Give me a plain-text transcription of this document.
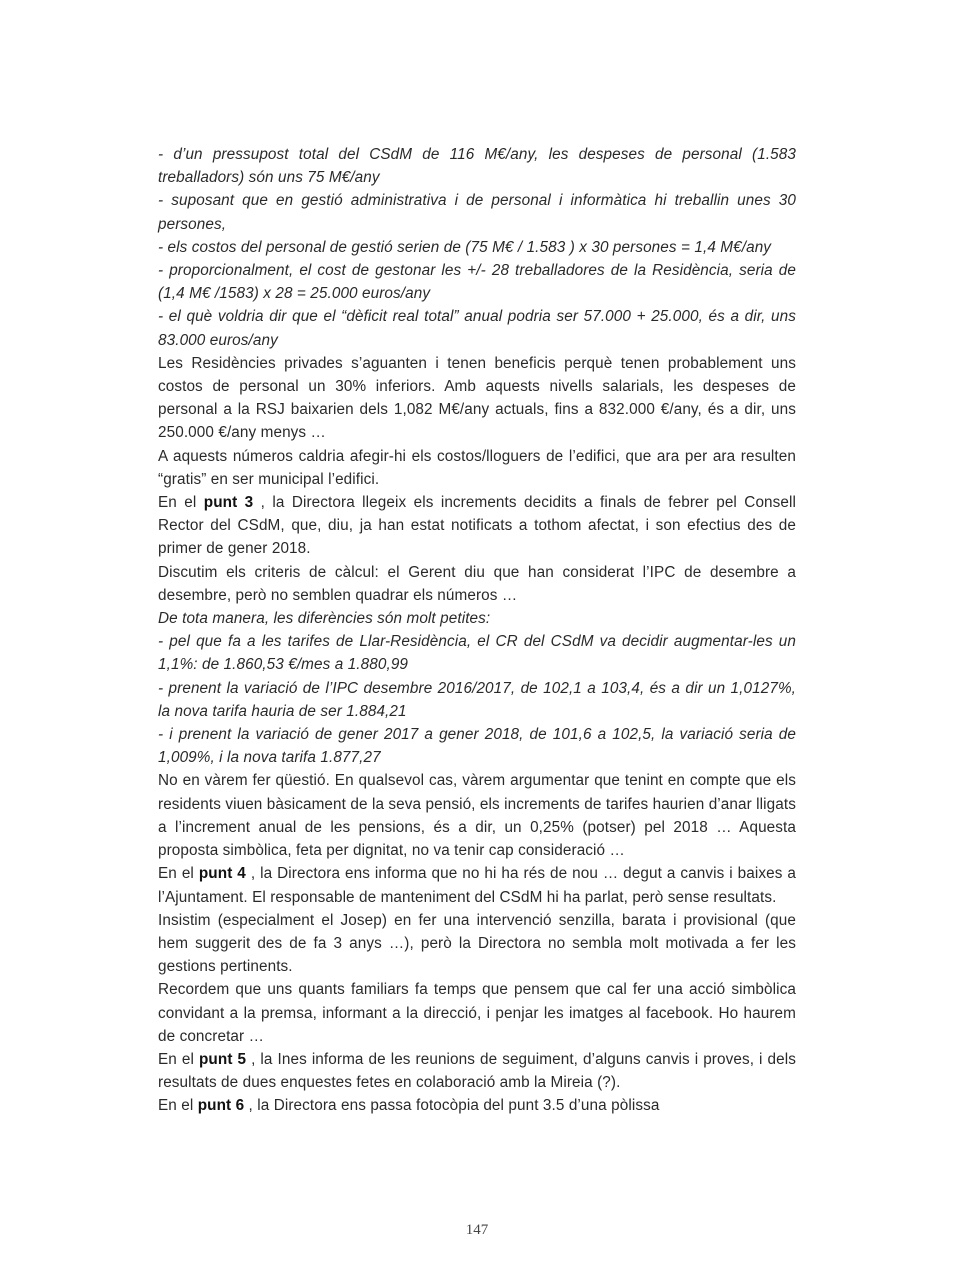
- d’un pressupost total del CSdM de 116 M€/any, les despeses de personal (1.583 treballadors) són uns 75 M€/any

- suposant que en gestió administrativa i de personal i informàtica hi treballin unes 30 persones,

- els costos del personal de gestió serien de (75 M€ / 1.583 ) x 30 persones = 1,4 M€/any

- proporcionalment, el cost de gestonar les +/- 28 treballadores de la Residència, seria de (1,4 M€ /1583) x 28 = 25.000 euros/any

- el què voldria dir que el “dèficit real total” anual podria ser 57.000 + 25.000, és a dir, uns 83.000 euros/any

Les Residències privades s’aguanten i tenen beneficis perquè tenen probablement uns costos de personal un 30% inferiors. Amb aquests nivells salarials, les despeses de personal a la RSJ baixarien dels 1,082 M€/any actuals, fins a 832.000 €/any, és a dir, uns 250.000 €/any menys …

A aquests números caldria afegir-hi els costos/lloguers de l’edifici, que ara per ara resulten “gratis” en ser municipal l’edifici.

En el punt 3 , la Directora llegeix els increments decidits a finals de febrer pel Consell Rector del CSdM, que, diu, ja han estat notificats a tothom afectat, i son efectius des de primer de gener 2018.

Discutim els criteris de càlcul: el Gerent diu que han considerat l’IPC de desembre a desembre, però no semblen quadrar els números …

De tota manera, les diferències són molt petites:

- pel que fa a les tarifes de Llar-Residència, el CR del CSdM va decidir augmentar-les un 1,1%: de 1.860,53 €/mes a 1.880,99

- prenent la variació de l’IPC desembre 2016/2017, de 102,1 a 103,4, és a dir un 1,0127%, la nova tarifa hauria de ser 1.884,21

- i prenent la variació de gener 2017 a gener 2018, de 101,6 a 102,5, la variació seria de 1,009%, i la nova tarifa 1.877,27

No en vàrem fer qüestió. En qualsevol cas, vàrem argumentar que tenint en compte que els residents viuen bàsicament de la seva pensió, els increments de tarifes haurien d’anar lligats a l’increment anual de les pensions, és a dir, un 0,25% (potser) pel 2018 … Aquesta proposta simbòlica, feta per dignitat, no va tenir cap consideració …

En el punt 4 , la Directora ens informa que no hi ha rés de nou … degut a canvis i baixes a l’Ajuntament. El responsable de manteniment del CSdM hi ha parlat, però sense resultats.

Insistim (especialment el Josep) en fer una intervenció senzilla, barata i provisional (que hem suggerit des de fa 3 anys …), però la Directora no sembla molt motivada a fer les gestions pertinents.

Recordem que uns quants familiars fa temps que pensem que cal fer una acció simbòlica convidant a la premsa, informant a la direcció, i penjar les imatges al facebook. Ho haurem de concretar …

En el punt 5 , la Ines informa de les reunions de seguiment, d’alguns canvis i proves, i dels resultats de dues enquestes fetes en colaboració amb la Mireia (?).

En el punt 6 , la Directora ens passa fotocòpia del punt 3.5 d’una pòlissa

147
